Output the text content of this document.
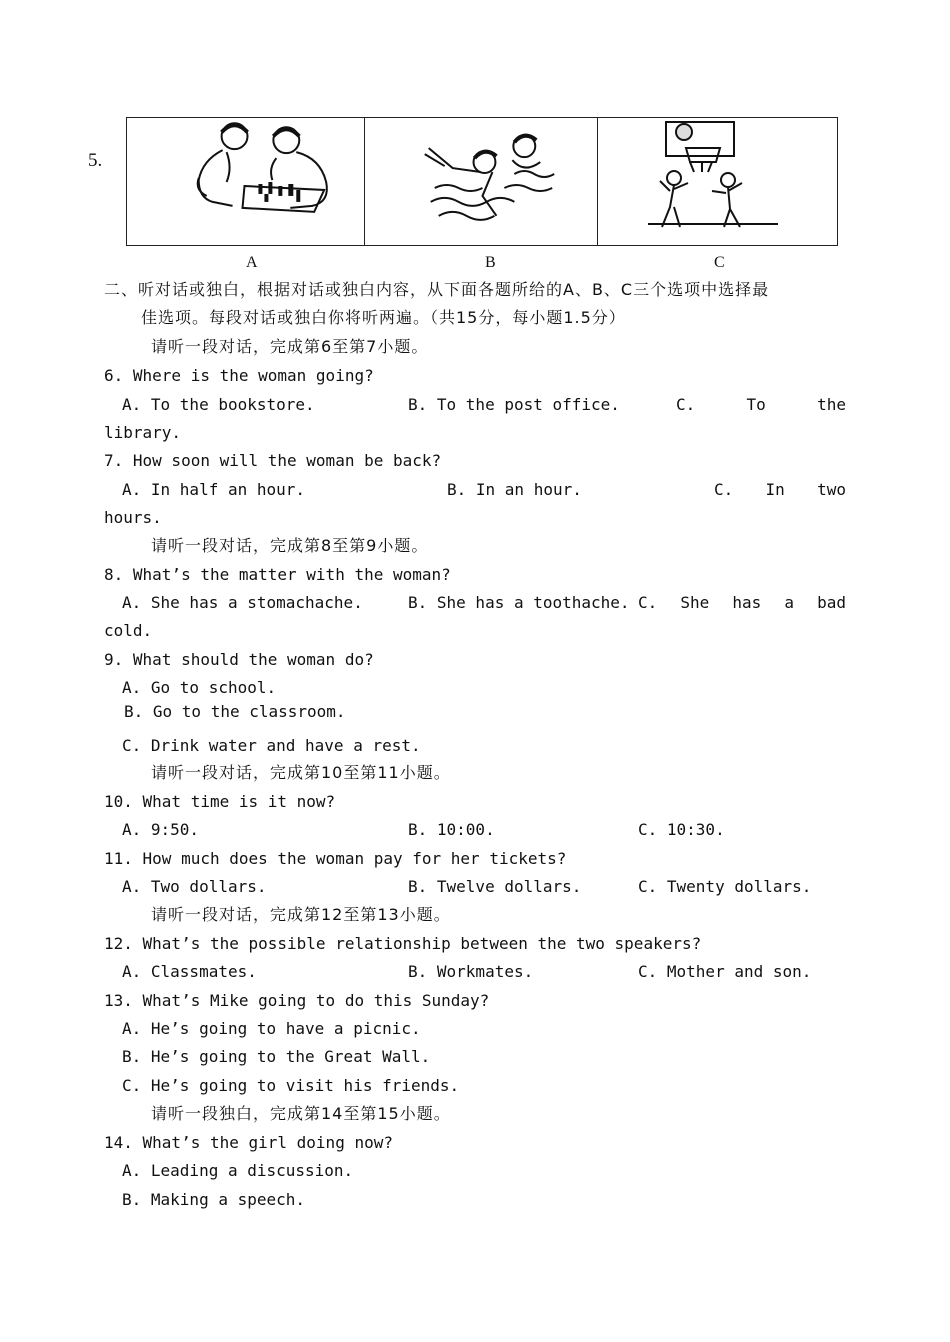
5.
A	B	C
二、听对话或独白，根据对话或独白内容，从下面各题所给的A、B、C三个选项中选择最
佳选项。每段对话或独白你将听两遍。（共15分，每小题1.5分）
请听一段对话，完成第6至第7小题。
6. Where is the woman going?
A. To the bookstore.	B. To the post office.	C.	To	the
library.
7. How soon will the woman be back?
A. In half an hour.	B. In an hour.	C. In two
hours.
请听一段对话，完成第8至第9小题。
8. What’s the matter with the woman?
A. She has a stomachache.	B. She has a toothache. C. She has a bad
cold.
9. What should the woman do?
A. Go to school.
B. Go to the classroom.
C. Drink water and have a rest.
请听一段对话，完成第10至第11小题。
10. What time is it now?
A. 9:50.	B. 10:00.	C. 10:30.
11. How much does the woman pay for her tickets?
A. Two dollars.	B. Twelve dollars.	C. Twenty dollars.
请听一段对话，完成第12至第13小题。
12. What’s the possible relationship between the two speakers?
A. Classmates.	B. Workmates.	C. Mother and son.
13. What’s Mike going to do this Sunday?
A. He’s going to have a picnic.
B. He’s going to the Great Wall.
C. He’s going to visit his friends.
请听一段独白，完成第14至第15小题。
14. What’s the girl doing now?
A. Leading a discussion.
B. Making a speech.
